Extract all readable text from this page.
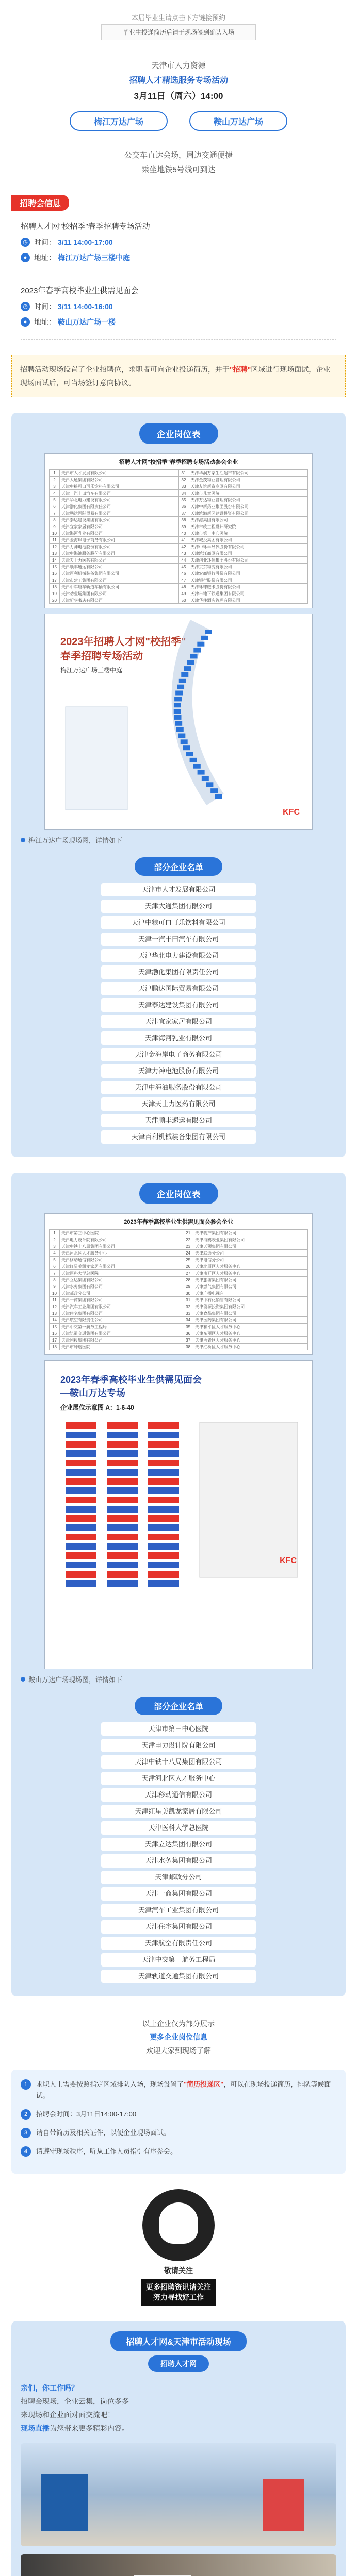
本届毕业生请点击下方链接预约
毕业生投递简历后请于现场签到确认入场
天津市人力资源
招聘人才精选服务专场活动
3月11日（周六）14:00
梅江万达广场	鞍山万达广场
公交车直达会场，周边交通便捷
乘坐地铁5号线可到达
招聘会信息
招聘人才网"校招季"春季招聘专场活动
◷ 时间： 3/11 14:00-17:00
● 地址： 梅江万达广场三楼中庭
2023年春季高校毕业生供需见面会
◷ 时间： 3/11 14:00-16:00
● 地址： 鞍山万达广场一楼
招聘活动现场设置了企业招聘位，求职者可向企业投递简历，并于"招聘"区域进行现场面试，企业现场面试后，可当场签订意向协议。
企业岗位表
招聘人才网"校招季"春季招聘专场活动参会企业
1	天津市人才发展有限公司	31	天津华润万家生活超市有限公司
2	天津大通集团有限公司	32	天津金茂物业管理有限公司
3	天津中粮可口可乐饮料有限公司	33	天津友谊新资商厦有限公司
4	天津一汽丰田汽车有限公司	34	天津市儿童医院
5	天津华北电力建设有限公司	35	天津万达物业管理有限公司
6	天津渤化集团有限责任公司	36	天津中新药业集团股份有限公司
7	天津鹏达国际贸易有限公司	37	天津滨海新区建设投资有限公司
8	天津泰达建设集团有限公司	38	天津港集团有限公司
9	天津宜家家居有限公司	39	天津市政工程设计研究院
10	天津海河乳业有限公司	40	天津市第一中心医院
11	天津金海岸电子商务有限公司	41	天津城投集团有限公司
12	天津力神电池股份有限公司	42	天津中环半导体股份有限公司
13	天津中海油服务股份有限公司	43	天津滨江商厦有限公司
14	天津天士力医药有限公司	44	天津创业环保集团股份有限公司
15	天津顺丰速运有限公司	45	天津京东物流有限公司
16	天津百利机械装备集团有限公司	46	天津农商银行股份有限公司
17	天津市建工集团有限公司	47	天津银行股份有限公司
18	天津中车唐车轨道车辆有限公司	48	天津环球磁卡股份有限公司
19	天津劝业场集团有限公司	49	天津市地下铁道集团有限公司
20	天津新华书店有限公司	50	天津华住酒店管理有限公司
2023年招聘人才网"校招季"
春季招聘专场活动
梅江万达广场三楼中庭
KFC
梅江万达广场现场图，详情如下
部分企业名单
天津市人才发展有限公司
天津大通集团有限公司
天津中粮可口可乐饮料有限公司
天津一汽丰田汽车有限公司
天津华北电力建设有限公司
天津渤化集团有限责任公司
天津鹏达国际贸易有限公司
天津泰达建设集团有限公司
天津宜家家居有限公司
天津海河乳业有限公司
天津金海岸电子商务有限公司
天津力神电池股份有限公司
天津中海油服务股份有限公司
天津天士力医药有限公司
天津顺丰速运有限公司
天津百利机械装备集团有限公司
企业岗位表
2023年春季高校毕业生供需见面会参会企业
1	天津市第三中心医院	21	天津物产集团有限公司
2	天津电力设计院有限公司	22	天津海鸥表业集团有限公司
3	天津中铁十八局集团有限公司	23	天津天狮集团有限公司
4	天津河北区人才服务中心	24	天津联通分公司
5	天津移动通信有限公司	25	天津电信分公司
6	天津红星美凯龙家居有限公司	26	天津北辰区人才服务中心
7	天津医科大学总医院	27	天津南开区人才服务中心
8	天津立达集团有限公司	28	天津旅游集团有限公司
9	天津水务集团有限公司	29	天津燃气集团有限公司
10	天津邮政分公司	30	天津广播电视台
11	天津一商集团有限公司	31	天津中石化销售有限公司
12	天津汽车工业集团有限公司	32	天津能源投资集团有限公司
13	天津住宅集团有限公司	33	天津食品集团有限公司
14	天津航空有限责任公司	34	天津医药集团有限公司
15	天津中交第一航务工程局	35	天津和平区人才服务中心
16	天津轨道交通集团有限公司	36	天津东丽区人才服务中心
17	天津国投集团有限公司	37	天津西青区人才服务中心
18	天津市肿瘤医院	38	天津红桥区人才服务中心
2023年春季高校毕业生供需见面会
—鞍山万达专场
企业展位示意图 A：1-6-40
KFC
鞍山万达广场现场图，详情如下
部分企业名单
天津市第三中心医院
天津电力设计院有限公司
天津中铁十八局集团有限公司
天津河北区人才服务中心
天津移动通信有限公司
天津红星美凯龙家居有限公司
天津医科大学总医院
天津立达集团有限公司
天津水务集团有限公司
天津邮政分公司
天津一商集团有限公司
天津汽车工业集团有限公司
天津住宅集团有限公司
天津航空有限责任公司
天津中交第一航务工程局
天津轨道交通集团有限公司
以上企业仅为部分展示
更多企业岗位信息
欢迎大家到现场了解
1	求职人士需要按照指定区域排队入场，现场设置了"简历投递区"，可以在现场投递简历，排队等候面试。
2	招聘会时间：3月11日14:00-17:00
3	请自带简历及相关证件，以便企业现场面试。
4	请遵守现场秩序，听从工作人员指引有序参会。
敬请关注
更多招聘资讯请关注
努力寻找好工作
招聘人才网&天津市活动现场
招聘人才网
亲们，你工作吗？
招聘会现场，企业云集，岗位多多
来现场和企业面对面交流吧！
现场直播为您带来更多精彩内容。
